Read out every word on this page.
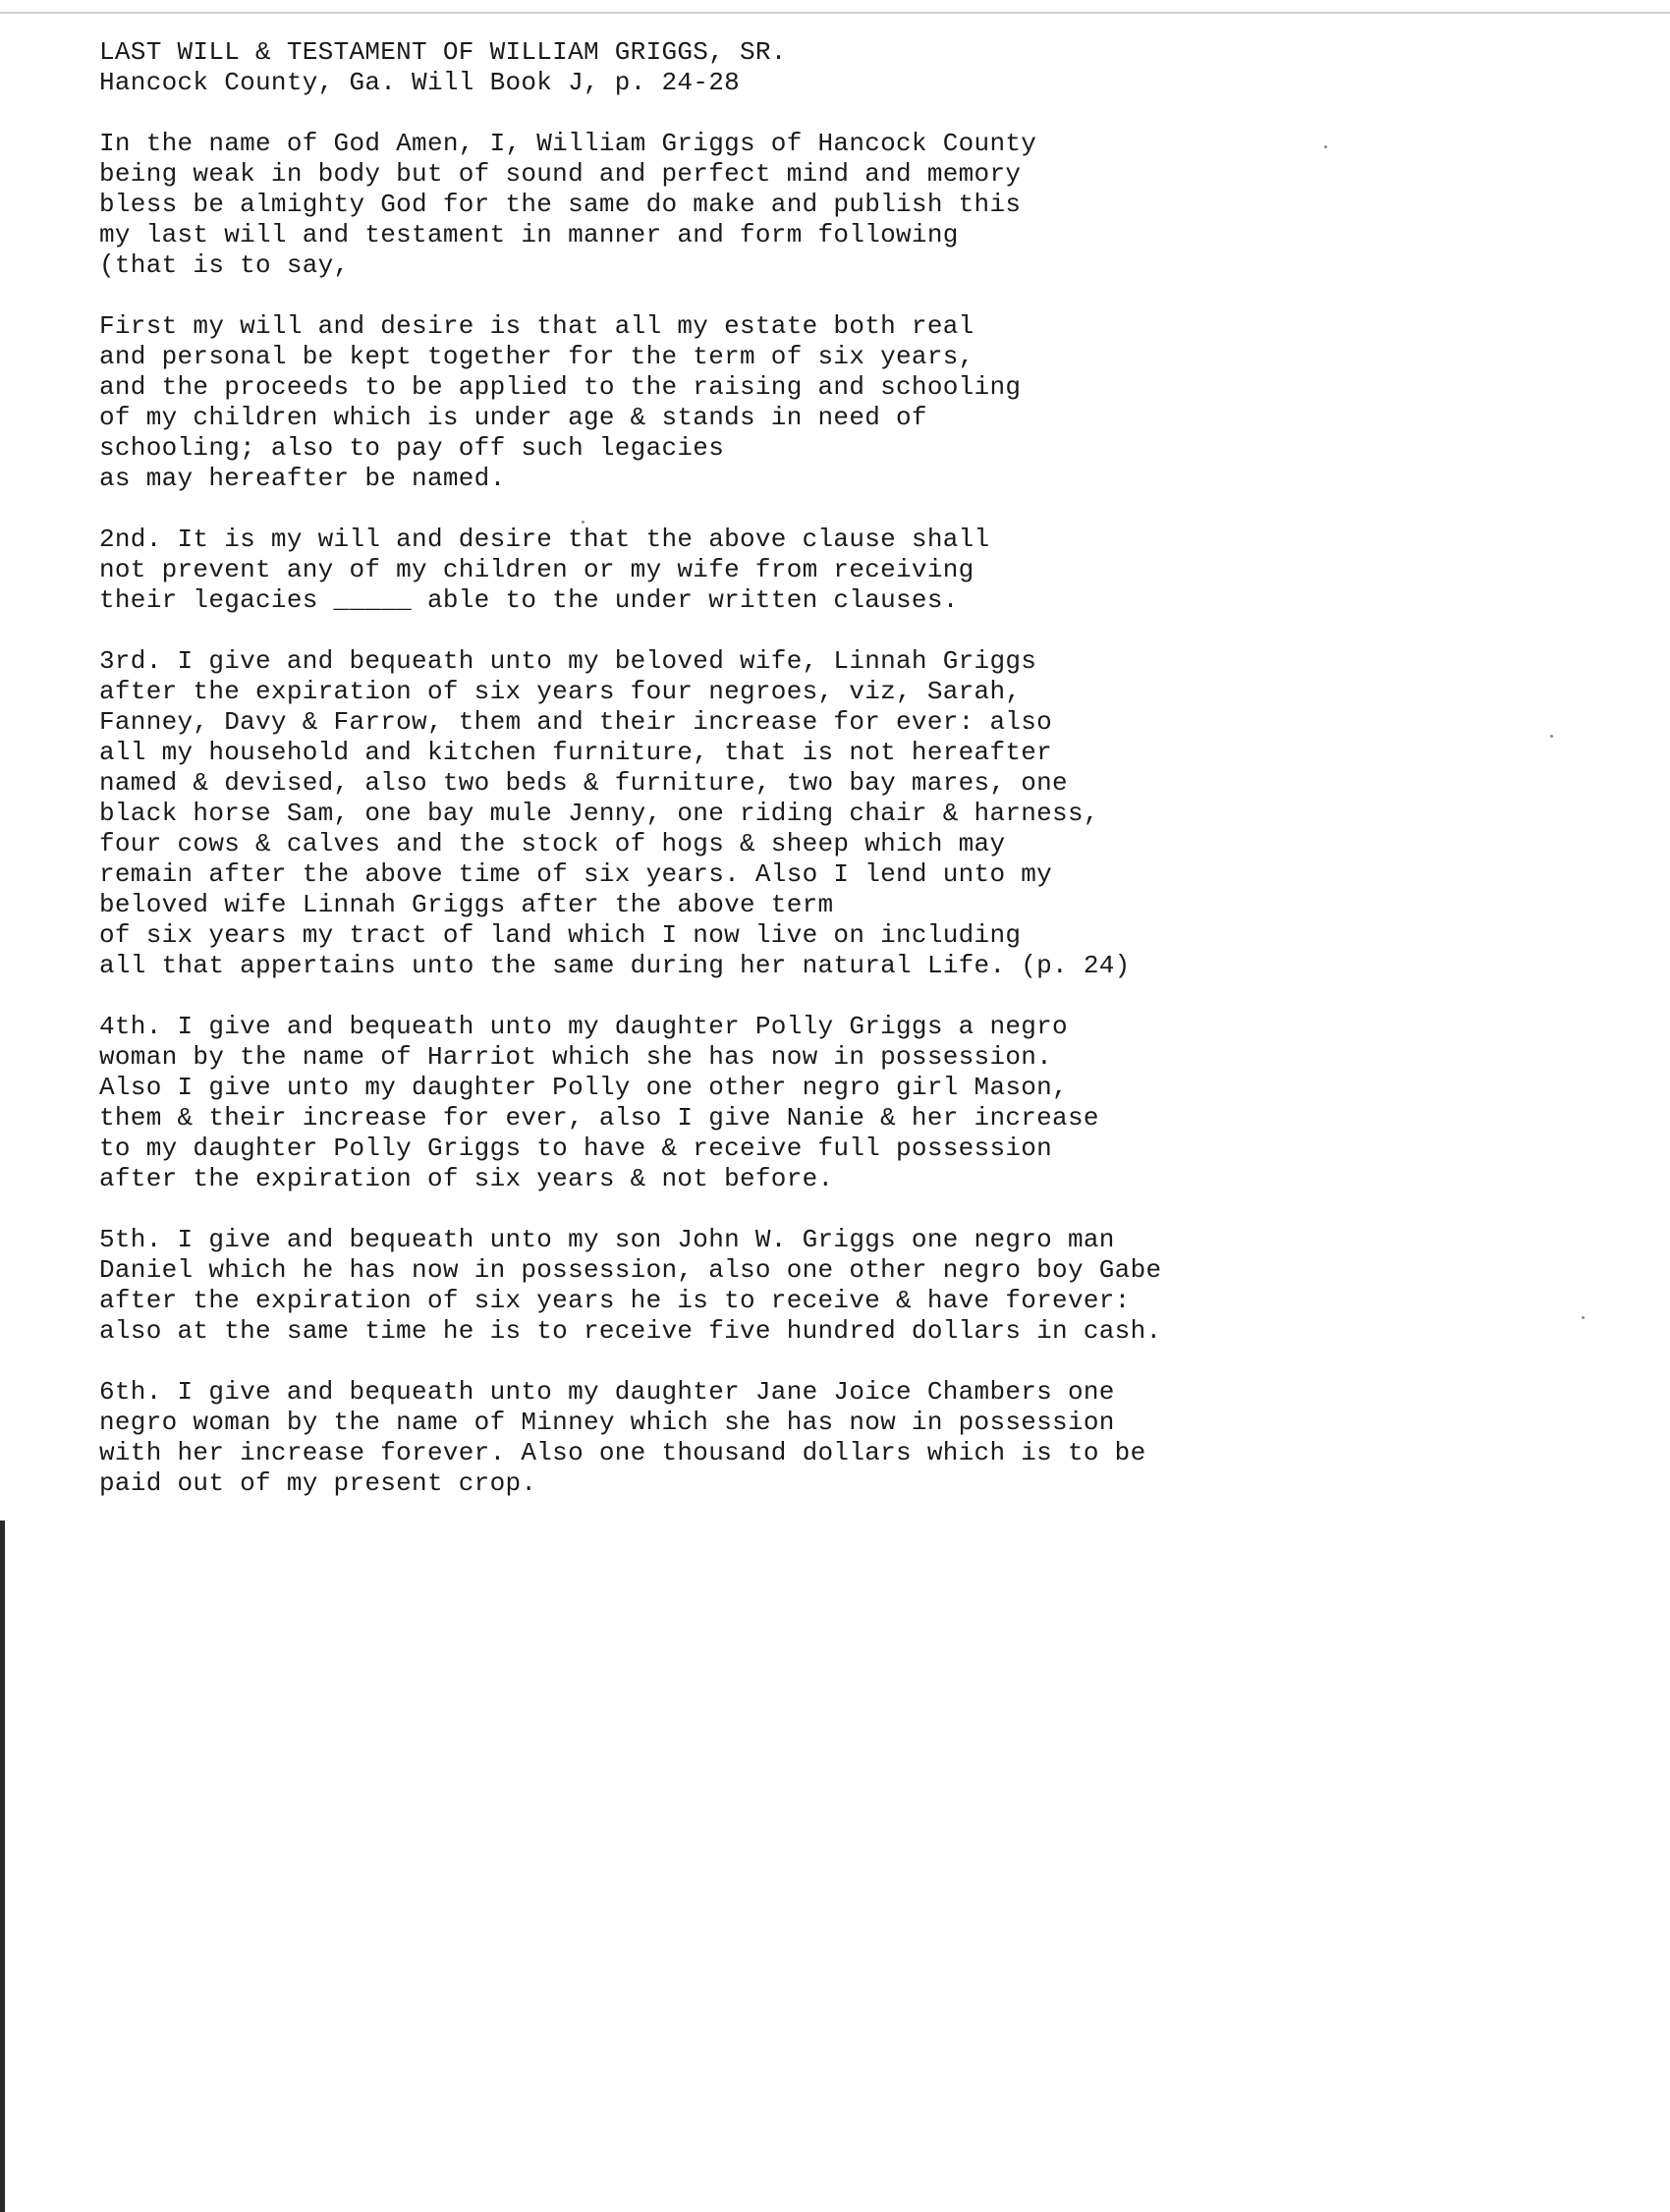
LAST WILL & TESTAMENT OF WILLIAM GRIGGS, SR.
Hancock County, Ga. Will Book J, p. 24-28
In the name of God Amen, I, William Griggs of Hancock County
being weak in body but of sound and perfect mind and memory
bless be almighty God for the same do make and publish this
my last will and testament in manner and form following
(that is to say,
First my will and desire is that all my estate both real
and personal be kept together for the term of six years,
and the proceeds to be applied to the raising and schooling
of my children which is under age & stands in need of
schooling; also to pay off such legacies
as may hereafter be named.
2nd. It is my will and desire that the above clause shall
not prevent any of my children or my wife from receiving
their legacies _____ able to the under written clauses.
3rd. I give and bequeath unto my beloved wife, Linnah Griggs
after the expiration of six years four negroes, viz, Sarah,
Fanney, Davy & Farrow, them and their increase for ever: also
all my household and kitchen furniture, that is not hereafter
named & devised, also two beds & furniture, two bay mares, one
black horse Sam, one bay mule Jenny, one riding chair & harness,
four cows & calves and the stock of hogs & sheep which may
remain after the above time of six years. Also I lend unto my
beloved wife Linnah Griggs after the above term
of six years my tract of land which I now live on including
all that appertains unto the same during her natural Life. (p. 24)
4th. I give and bequeath unto my daughter Polly Griggs a negro
woman by the name of Harriot which she has now in possession.
Also I give unto my daughter Polly one other negro girl Mason,
them & their increase for ever, also I give Nanie & her increase
to my daughter Polly Griggs to have & receive full possession
after the expiration of six years & not before.
5th. I give and bequeath unto my son John W. Griggs one negro man
Daniel which he has now in possession, also one other negro boy Gabe
after the expiration of six years he is to receive & have forever:
also at the same time he is to receive five hundred dollars in cash.
6th. I give and bequeath unto my daughter Jane Joice Chambers one
negro woman by the name of Minney which she has now in possession
with her increase forever. Also one thousand dollars which is to be
paid out of my present crop.
